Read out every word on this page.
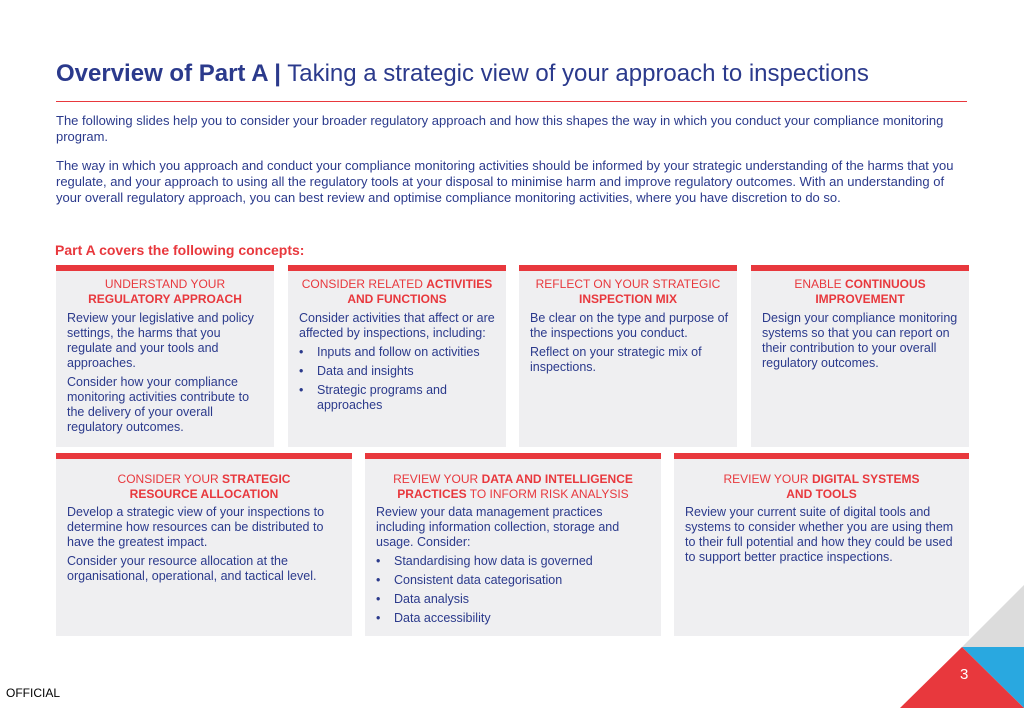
Overview of Part A | Taking a strategic view of your approach to inspections
The following slides help you to consider your broader regulatory approach and how this shapes the way in which you conduct your compliance monitoring program.
The way in which you approach and conduct your compliance monitoring activities should be informed by your strategic understanding of the harms that you regulate, and your approach to using all the regulatory tools at your disposal to minimise harm and improve regulatory outcomes. With an understanding of your overall regulatory approach, you can best review and optimise compliance monitoring activities, where you have discretion to do so.
Part A covers the following concepts:
UNDERSTAND YOUR
REGULATORY APPROACH

Review your legislative and policy settings, the harms that you regulate and your tools and approaches.

Consider how your compliance monitoring activities contribute to the delivery of your overall regulatory outcomes.

CONSIDER RELATED ACTIVITIES AND FUNCTIONS

Consider activities that affect or are affected by inspections, including:

• Inputs and follow on activities
• Data and insights
• Strategic programs and approaches
REFLECT ON YOUR STRATEGIC
INSPECTION MIX

Be clear on the type and purpose of the inspections you conduct.

Reflect on your strategic mix of inspections.

ENABLE CONTINUOUS IMPROVEMENT

Design your compliance monitoring systems so that you can report on their contribution to your overall regulatory outcomes.

CONSIDER YOUR STRATEGIC RESOURCE ALLOCATION

Develop a strategic view of your inspections to determine how resources can be distributed to have the greatest impact.

Consider your resource allocation at the organisational, operational, and tactical level.

REVIEW YOUR DATA AND INTELLIGENCE PRACTICES TO INFORM RISK ANALYSIS

Review your data management practices including information collection, storage and usage. Consider:

• Standardising how data is governed
• Consistent data categorisation
• Data analysis
• Data accessibility
REVIEW YOUR DIGITAL SYSTEMS AND TOOLS

Review your current suite of digital tools and systems to consider whether you are using them to their full potential and how they could be used to support better practice inspections.

3
OFFICIAL
